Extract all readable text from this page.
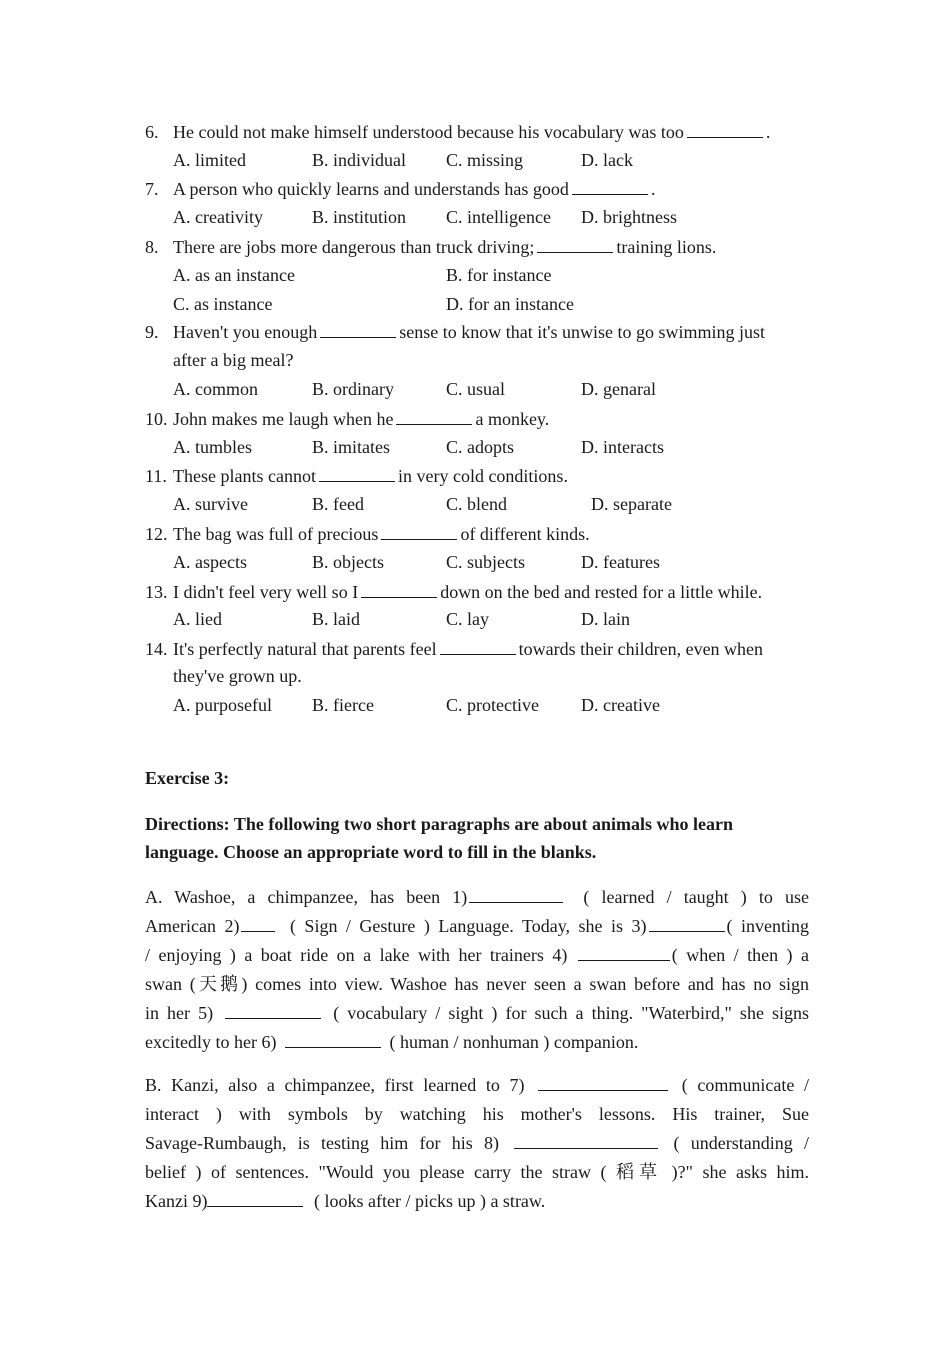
6. He could not make himself understood because his vocabulary was too	.
A. limited	B. individual C. missing	D. lack
7. A person who quickly learns and understands has good	.
A. creativity	B. institution C. intelligence D. brightness
8. There are jobs more dangerous than truck driving;	training lions.
A. as an instance	B. for instance
C. as instance	D. for an instance
9. Haven't you enough	sense to know that it's unwise to go swimming just
after a big meal?
A. common	B. ordinary	C. usual	D. genaral
10. John makes me laugh when he	a monkey.
A. tumbles	B. imitates	C. adopts	D. interacts
11. These plants cannot	in very cold conditions.
A. survive	B. feed	C. blend	D. separate
12. The bag was full of precious	of different kinds.
A. aspects	B. objects	C. subjects	D. features
13. I didn't feel very well so I	down on the bed and rested for a little while.
A. lied	B. laid	C. lay	D. lain
14. It's perfectly natural that parents feel	towards their children, even when
they've grown up.
A. purposeful B. fierce	C. protective D. creative
Exercise 3:
Directions: The following two short paragraphs are about animals who learn
language. Choose an appropriate word to fill in the blanks.
A. Washoe, a chimpanzee, has been 1)	( learned / taught ) to use
American 2)	( Sign / Gesture ) Language. Today, she is 3)	( inventing
/ enjoying ) a boat ride on a lake with her trainers 4)	( when / then ) a
swan (天鹅) comes into view. Washoe has never seen a swan before and has no sign
in her 5)	( vocabulary / sight ) for such a thing. "Waterbird," she signs
excitedly to her 6)	( human / nonhuman ) companion.
B. Kanzi, also a chimpanzee, first learned to 7)	( communicate /
interact ) with symbols by watching his mother's lessons. His trainer, Sue
Savage-Rumbaugh, is testing him for his 8)	( understanding /
belief ) of sentences. "Would you please carry the straw ( 稻草 )?" she asks him.
Kanzi 9)	( looks after / picks up ) a straw.
